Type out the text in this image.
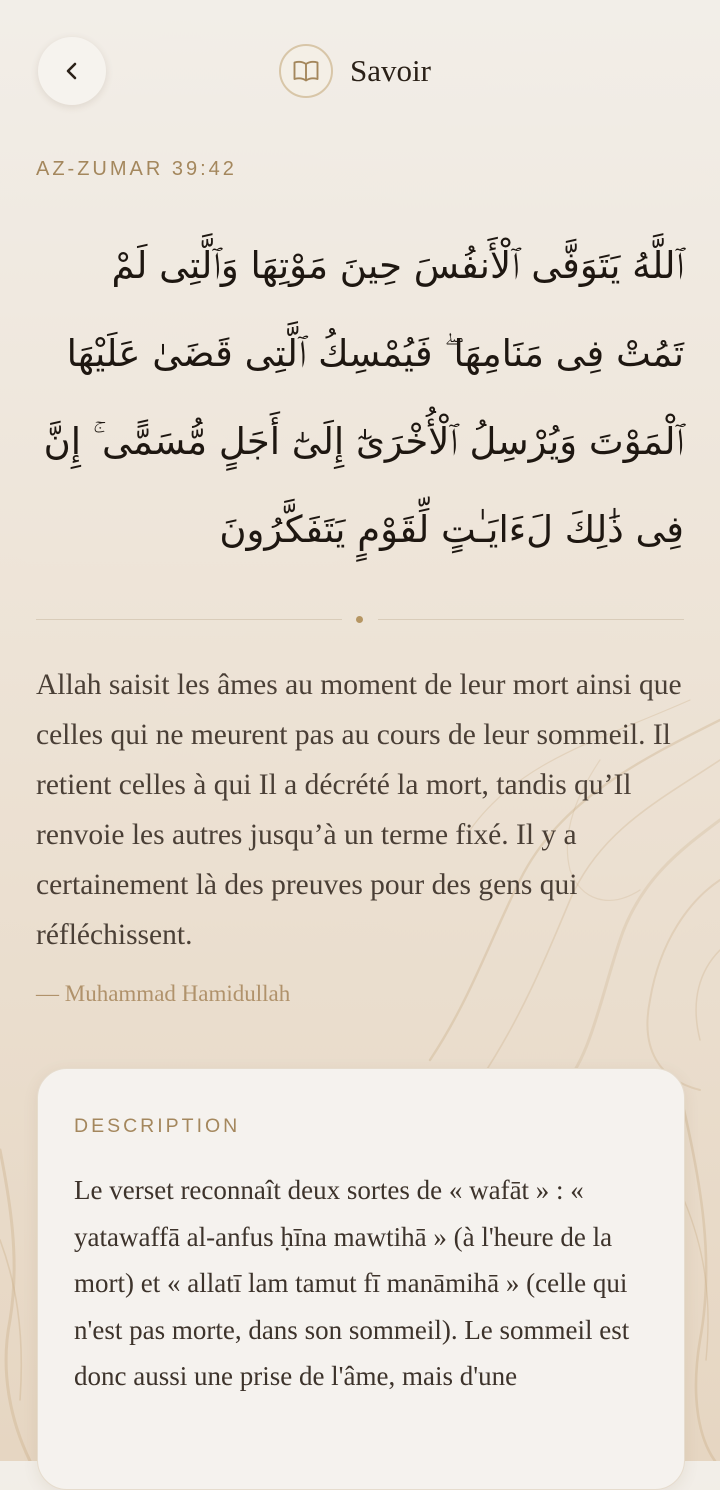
Savoir
AZ-ZUMAR 39:42
ٱللَّهُ يَتَوَفَّى ٱلْأَنفُسَ حِينَ مَوْتِهَا وَٱلَّتِى لَمْ تَمُتْ فِى مَنَامِهَا ۖ فَيُمْسِكُ ٱلَّتِى قَضَىٰ عَلَيْهَا ٱلْمَوْتَ وَيُرْسِلُ ٱلْأُخْرَىٰٓ إِلَىٰٓ أَجَلٍ مُّسَمًّى ۚ إِنَّ فِى ذَٰلِكَ لَءَايَـٰتٍ لِّقَوْمٍ يَتَفَكَّرُونَ
Allah saisit les âmes au moment de leur mort ainsi que celles qui ne meurent pas au cours de leur sommeil. Il retient celles à qui Il a décrété la mort, tandis qu’Il renvoie les autres jusqu’à un terme fixé. Il y a certainement là des preuves pour des gens qui réfléchissent.
— Muhammad Hamidullah
DESCRIPTION
Le verset reconnaît deux sortes de « wafāt » : « yatawaffā al-anfus ḥīna mawtihā » (à l'heure de la mort) et « allatī lam tamut fī manāmihā » (celle qui n'est pas morte, dans son sommeil). Le sommeil est donc aussi une prise de l'âme, mais d'une
